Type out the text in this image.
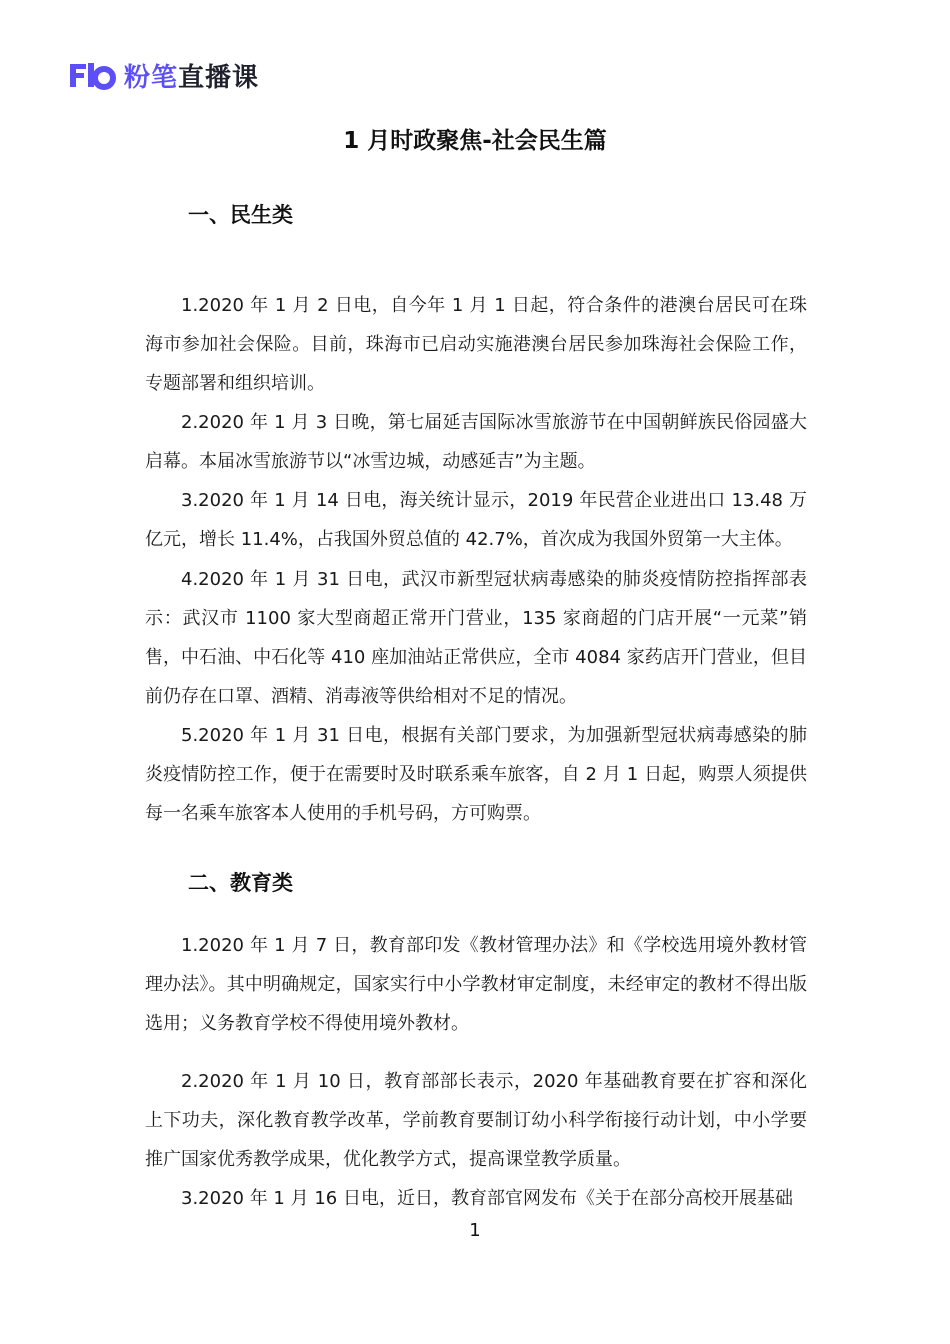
粉笔 直播课
1 月时政聚焦-社会民生篇
一、民生类

1.2020 年 1 月 2 日电，自今年 1 月 1 日起，符合条件的港澳台居民可在珠海市参加社会保险。目前，珠海市已启动实施港澳台居民参加珠海社会保险工作，专题部署和组织培训。

2.2020 年 1 月 3 日晚，第七届延吉国际冰雪旅游节在中国朝鲜族民俗园盛大启幕。本届冰雪旅游节以“冰雪边城，动感延吉”为主题。

3.2020 年 1 月 14 日电，海关统计显示，2019 年民营企业进出口 13.48 万亿元，增长 11.4%，占我国外贸总值的 42.7%，首次成为我国外贸第一大主体。

4.2020 年 1 月 31 日电，武汉市新型冠状病毒感染的肺炎疫情防控指挥部表示：武汉市 1100 家大型商超正常开门营业，135 家商超的门店开展“一元菜”销售，中石油、中石化等 410 座加油站正常供应，全市 4084 家药店开门营业，但目前仍存在口罩、酒精、消毒液等供给相对不足的情况。

5.2020 年 1 月 31 日电，根据有关部门要求，为加强新型冠状病毒感染的肺炎疫情防控工作，便于在需要时及时联系乘车旅客，自 2 月 1 日起，购票人须提供每一名乘车旅客本人使用的手机号码，方可购票。

二、教育类

1.2020 年 1 月 7 日，教育部印发《教材管理办法》和《学校选用境外教材管理办法》。其中明确规定，国家实行中小学教材审定制度，未经审定的教材不得出版选用；义务教育学校不得使用境外教材。

2.2020 年 1 月 10 日，教育部部长表示，2020 年基础教育要在扩容和深化上下功夫，深化教育教学改革，学前教育要制订幼小科学衔接行动计划，中小学要推广国家优秀教学成果，优化教学方式，提高课堂教学质量。

3.2020 年 1 月 16 日电，近日，教育部官网发布《关于在部分高校开展基础

1
